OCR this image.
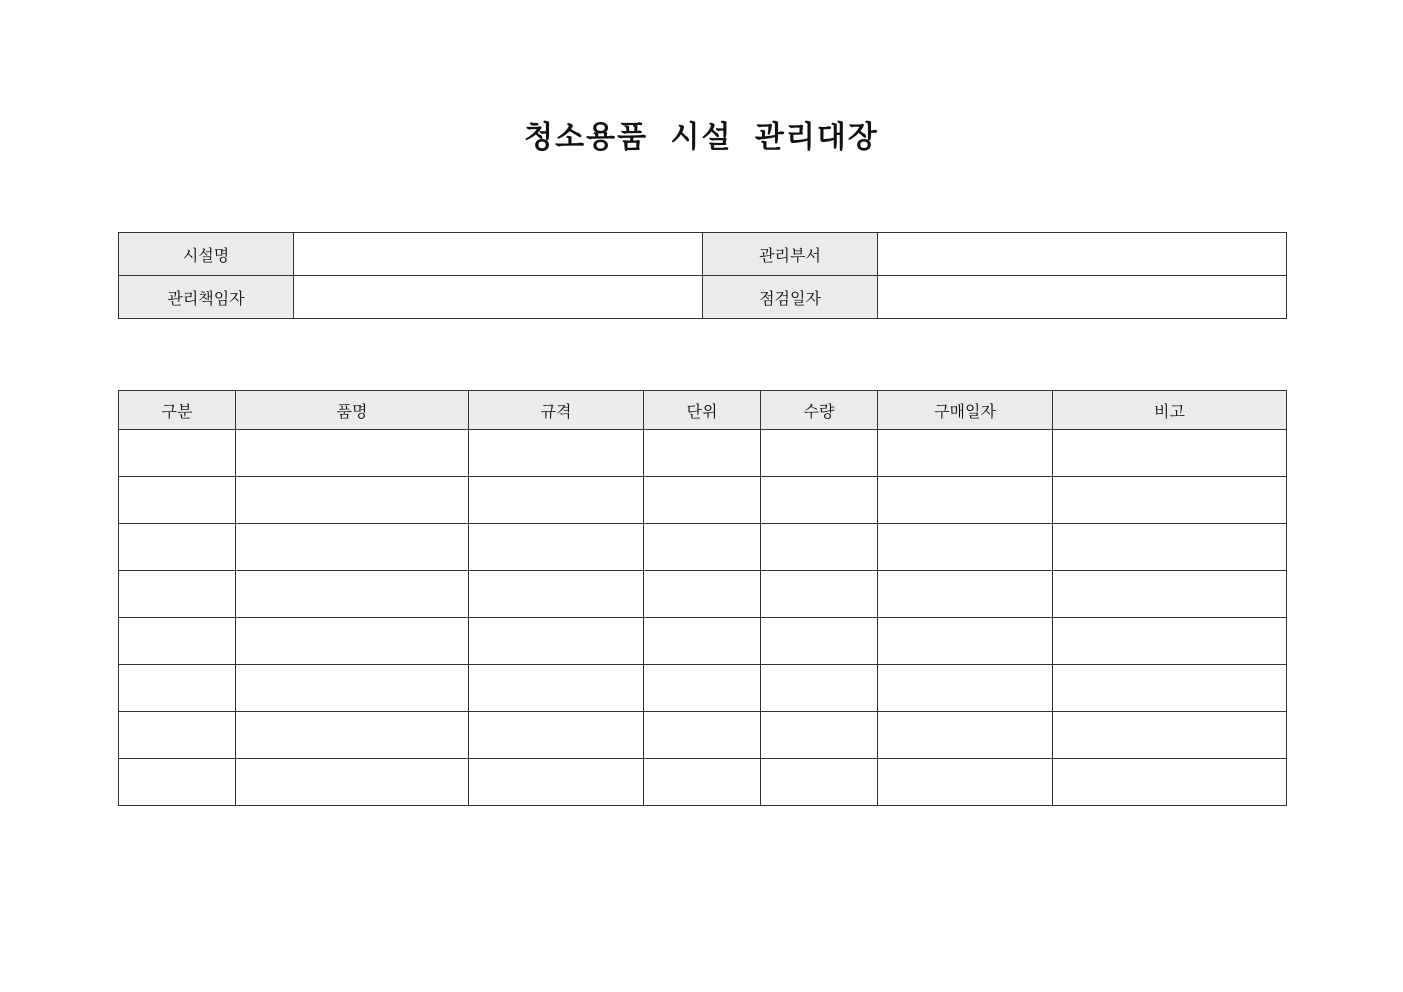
청소용품 시설 관리대장
시설명		관리부서	
관리책임자		점검일자	
구분	품명	규격	단위	수량	구매일자	비고
